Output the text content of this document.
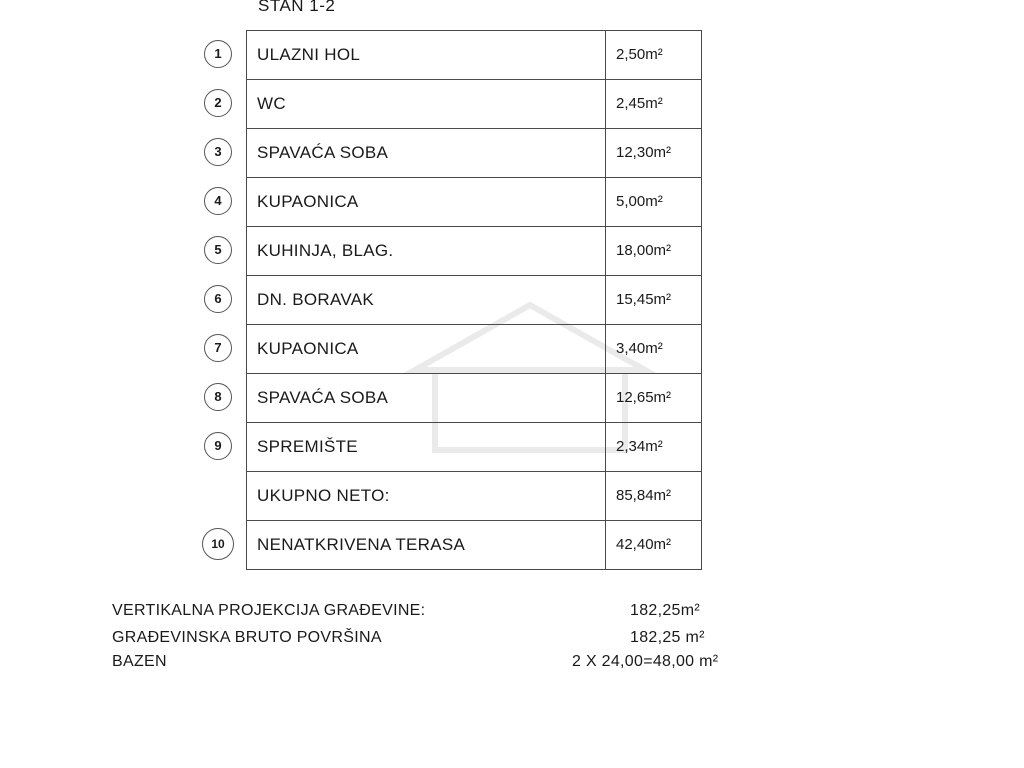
STAN 1-2
1	ULAZNI HOL	2,50m²
2	WC	2,45m²
3	SPAVAĆA SOBA	12,30m²
4	KUPAONICA	5,00m²
5	KUHINJA, BLAG.	18,00m²
6	DN. BORAVAK	15,45m²
7	KUPAONICA	3,40m²
8	SPAVAĆA SOBA	12,65m²
9	SPREMIŠTE	2,34m²
UKUPNO NETO:	85,84m²
10	NENATKRIVENA TERASA	42,40m²
VERTIKALNA PROJEKCIJA GRAĐEVINE:	182,25m²
GRAĐEVINSKA BRUTO POVRŠINA	182,25 m²
BAZEN	2 X 24,00=48,00 m²
